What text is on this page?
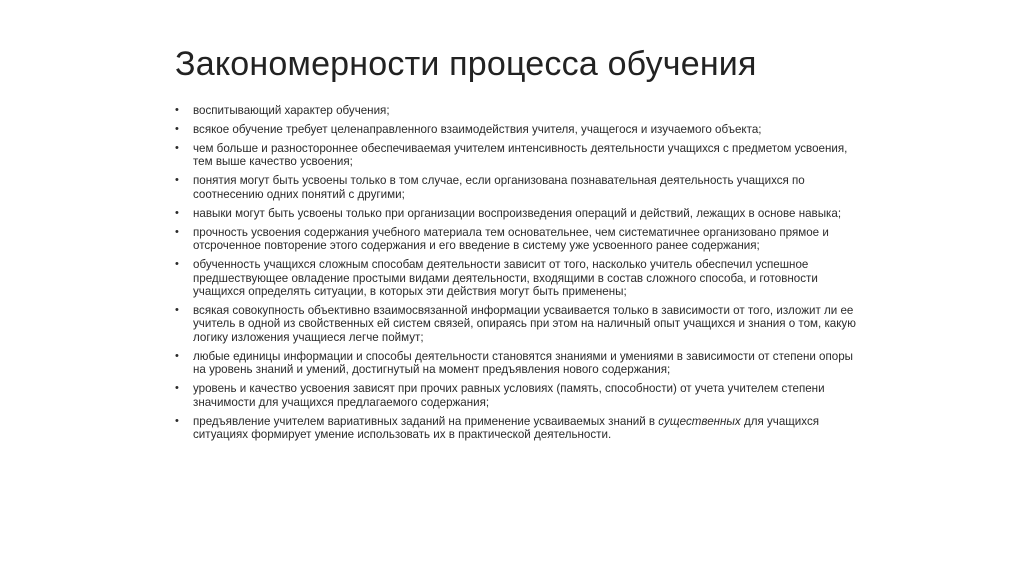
Закономерности процесса обучения
• воспитывающий характер обучения;
• всякое обучение требует целенаправленного взаимодействия учителя, учащегося и изучаемого объекта;
• чем больше и разностороннее обеспечиваемая учителем интенсивность деятельности учащихся с предметом усвоения, тем выше качество усвоения;
• понятия могут быть усвоены только в том случае, если организована познавательная деятельность учащихся по соотнесению одних понятий с другими;
• навыки могут быть усвоены только при организации воспроизведения операций и действий, лежащих в основе навыка;
• прочность усвоения содержания учебного материала тем основательнее, чем систематичнее организовано прямое и отсроченное повторение этого содержания и его введение в систему уже усвоенного ранее содержания;
• обученность учащихся сложным способам деятельности зависит от того, насколько учитель обеспечил успешное предшествующее овладение простыми видами деятельности, входящими в состав сложного способа, и готовности учащихся определять ситуации, в которых эти действия могут быть применены;
• всякая совокупность объективно взаимосвязанной информации усваивается только в зависимости от того, изложит ли ее учитель в одной из свойственных ей систем связей, опираясь при этом на наличный опыт учащихся и знания о том, какую логику изложения учащиеся легче поймут;
• любые единицы информации и способы деятельности становятся знаниями и умениями в зависимости от степени опоры на уровень знаний и умений, достигнутый на момент предъявления нового содержания;
• уровень и качество усвоения зависят при прочих равных условиях (память, способности) от учета учителем степени значимости для учащихся предлагаемого содержания;
• предъявление учителем вариативных заданий на применение усваиваемых знаний в существенных для учащихся ситуациях формирует умение использовать их в практической деятельности.
